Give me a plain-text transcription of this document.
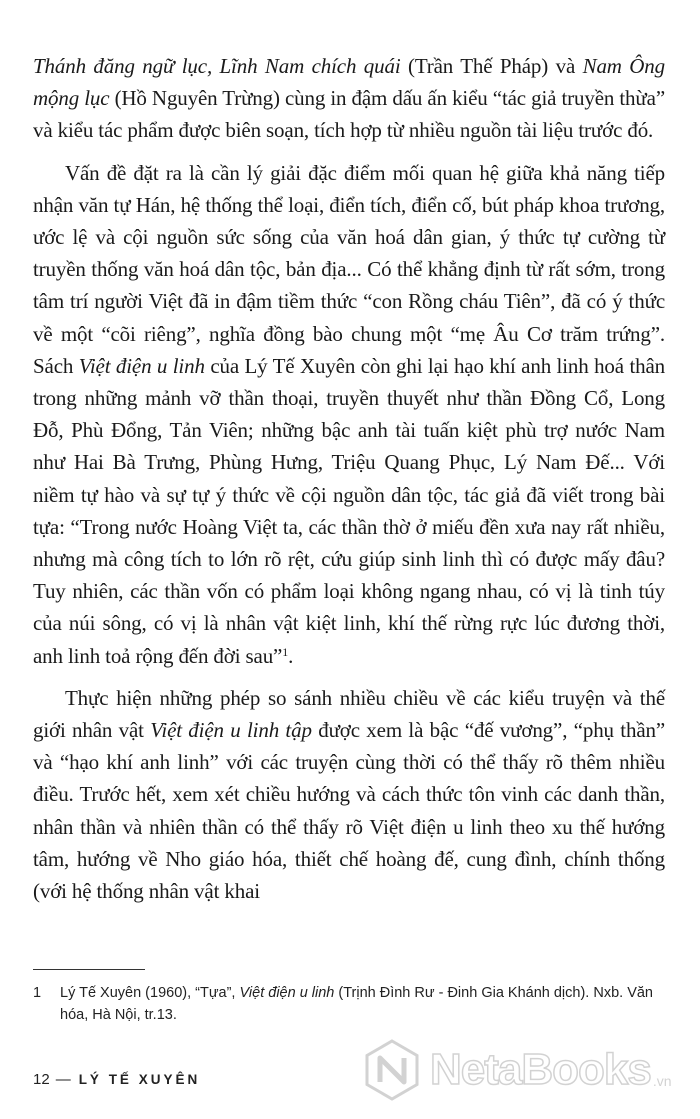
Thánh đăng ngữ lục, Lĩnh Nam chích quái (Trần Thế Pháp) và Nam Ông mộng lục (Hồ Nguyên Trừng) cùng in đậm dấu ấn kiểu “tác giả truyền thừa” và kiểu tác phẩm được biên soạn, tích hợp từ nhiều nguồn tài liệu trước đó.

Vấn đề đặt ra là cần lý giải đặc điểm mối quan hệ giữa khả năng tiếp nhận văn tự Hán, hệ thống thể loại, điển tích, điển cố, bút pháp khoa trương, ước lệ và cội nguồn sức sống của văn hoá dân gian, ý thức tự cường từ truyền thống văn hoá dân tộc, bản địa... Có thể khẳng định từ rất sớm, trong tâm trí người Việt đã in đậm tiềm thức “con Rồng cháu Tiên”, đã có ý thức về một “cõi riêng”, nghĩa đồng bào chung một “mẹ Âu Cơ trăm trứng”. Sách Việt điện u linh của Lý Tế Xuyên còn ghi lại hạo khí anh linh hoá thân trong những mảnh vỡ thần thoại, truyền thuyết như thần Đồng Cổ, Long Đỗ, Phù Đổng, Tản Viên; những bậc anh tài tuấn kiệt phù trợ nước Nam như Hai Bà Trưng, Phùng Hưng, Triệu Quang Phục, Lý Nam Đế... Với niềm tự hào và sự tự ý thức về cội nguồn dân tộc, tác giả đã viết trong bài tựa: “Trong nước Hoàng Việt ta, các thần thờ ở miếu đền xưa nay rất nhiều, nhưng mà công tích to lớn rõ rệt, cứu giúp sinh linh thì có được mấy đâu? Tuy nhiên, các thần vốn có phẩm loại không ngang nhau, có vị là tinh túy của núi sông, có vị là nhân vật kiệt linh, khí thế rừng rực lúc đương thời, anh linh toả rộng đến đời sau”$^1$.

Thực hiện những phép so sánh nhiều chiều về các kiểu truyện và thế giới nhân vật Việt điện u linh tập được xem là bậc “đế vương”, “phụ thần” và “hạo khí anh linh” với các truyện cùng thời có thể thấy rõ thêm nhiều điều. Trước hết, xem xét chiều hướng và cách thức tôn vinh các danh thần, nhân thần và nhiên thần có thể thấy rõ Việt điện u linh theo xu thế hướng tâm, hướng về Nho giáo hóa, thiết chế hoàng đế, cung đình, chính thống (với hệ thống nhân vật khai

1	Lý Tế Xuyên (1960), “Tựa”, Việt điện u linh (Trịnh Đình Rư - Đinh Gia Khánh dịch). Nxb. Văn hóa, Hà Nội, tr.13.
12 — LÝ TẾ XUYÊN	NetaBooks .vn
